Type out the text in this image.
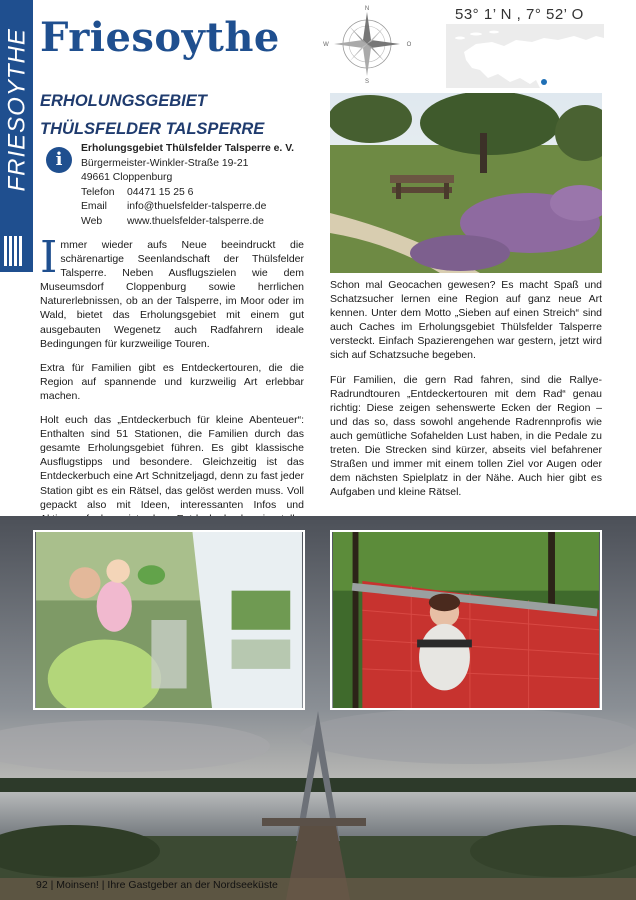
FRIESOYTHE Friesoythe
N
S
O
W
53° 1’ N , 7° 52’ O
ERHOLUNGSGEBIET
THÜLSFELDER TALSPERRE
i
Erholungsgebiet Thülsfelder Talsperre e. V.
Bürgermeister-Winkler-Straße 19-21
49661 Cloppenburg
Telefon 04471 15 25 6
Email info@thuelsfelder-talsperre.de
Web www.thuelsfelder-talsperre.de

Immer wieder aufs Neue beeindruckt die schärenartige Seenlandschaft der Thülsfelder Talsperre. Neben Ausflugszielen wie dem Museumsdorf Cloppenburg sowie herrlichen Naturerlebnissen, ob an der Talsperre, im Moor oder im Wald, bietet das Erholungsgebiet mit einem gut ausgebauten Wegenetz auch Radfahrern ideale Bedingungen für kurzweilige Touren.

Extra für Familien gibt es Entdeckertouren, die die Region auf spannende und kurzweilig Art erlebbar machen.

Holt euch das „Entdeckerbuch für kleine Abenteuer“: Enthalten sind 51 Stationen, die Familien durch das gesamte Erholungsgebiet führen. Es gibt klassische Ausflugstipps und besondere. Gleichzeitig ist das Entdeckerbuch eine Art Schnitzeljagd, denn zu fast jeder Station gibt es ein Rätsel, das gelöst werden muss. Voll gepackt also mit Ideen, interessanten Infos und

Schon mal Geocachen gewesen? Es macht Spaß und Schatzsucher lernen eine Region auf ganz neue Art kennen. Unter dem Motto „Sieben auf einen Streich“ sind auch Caches im Erholungsgebiet Thülsfelder Talsperre versteckt. Einfach Spazierengehen war gestern, jetzt wird sich auf Schatzsuche begeben.

Für Familien, die gern Rad fahren, sind die Rallye-Radrundtouren „Entdeckertouren mit dem Rad“ genau richtig: Diese zeigen sehenswerte Ecken der Region – und das so, dass sowohl angehende Radrennprofis wie auch gemütliche Sofahelden Lust haben, in die Pedale zu treten. Die Strecken sind kürzer, abseits viel befahrener Straßen und immer mit einem tollen Ziel vor Augen oder dem nächsten Spielplatz in der Nähe. Auch hier gibt es Aufgaben und kleine Rätsel.

92 | Moinsen! | Ihre Gastgeber an der Nordseeküste
